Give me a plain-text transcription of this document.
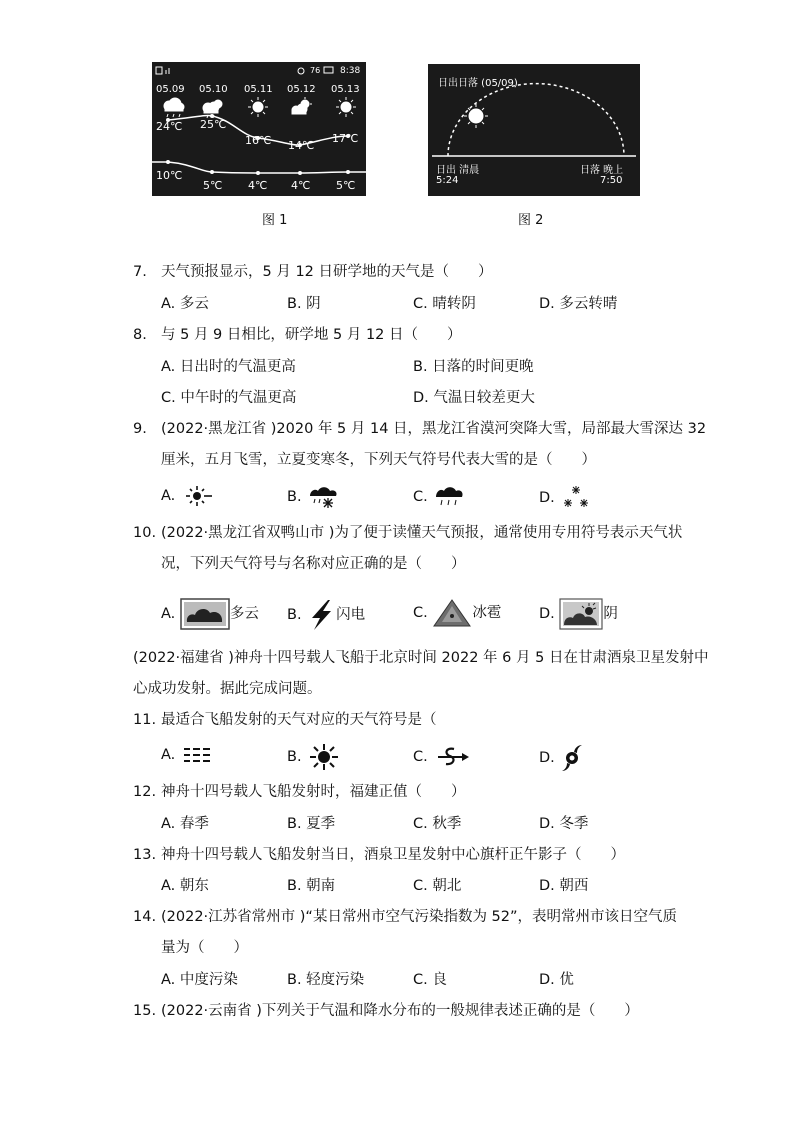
76 8:38
05.09 05.10 05.11 05.12 05.13
24℃ 25℃
16℃ 14℃
17℃
10℃
5℃ 4℃ 4℃ 5℃
图 1
日出日落 (05/09)
日出 清晨
5:24
日落 晚上
7:50
图 2
7. 天气预报显示，5 月 12 日研学地的天气是（　　）
A. 多云	B. 阴	C. 晴转阴	D. 多云转晴
8. 与 5 月 9 日相比，研学地 5 月 12 日（　　）
A. 日出时的气温更高	B. 日落的时间更晚
C. 中午时的气温更高	D. 气温日较差更大
9. (2022·黑龙江省 )2020 年 5 月 14 日，黑龙江省漠河突降大雪，局部最大雪深达 32
厘米，五月飞雪，立夏变寒冬，下列天气符号代表大雪的是（　　）
A.	B.	C.	D.
10. (2022·黑龙江省双鸭山市 )为了便于读懂天气预报，通常使用专用符号表示天气状
况，下列天气符号与名称对应正确的是（　　）
A.	多云 B. 闪电	C.	冰雹	D.	阴
(2022·福建省 )神舟十四号载人飞船于北京时间 2022 年 6 月 5 日在甘肃酒泉卫星发射中
心成功发射。据此完成问题。
11. 最适合飞船发射的天气对应的天气符号是（
A.	B.	C.	D.
12. 神舟十四号载人飞船发射时，福建正值（　　）
A. 春季	B. 夏季	C. 秋季	D. 冬季
13. 神舟十四号载人飞船发射当日，酒泉卫星发射中心旗杆正午影子（　　）
A. 朝东	B. 朝南	C. 朝北	D. 朝西
14. (2022·江苏省常州市 )“某日常州市空气污染指数为 52”，表明常州市该日空气质
量为（　　）
A. 中度污染	B. 轻度污染	C. 良	D. 优
15. (2022·云南省 )下列关于气温和降水分布的一般规律表述正确的是（　　）
